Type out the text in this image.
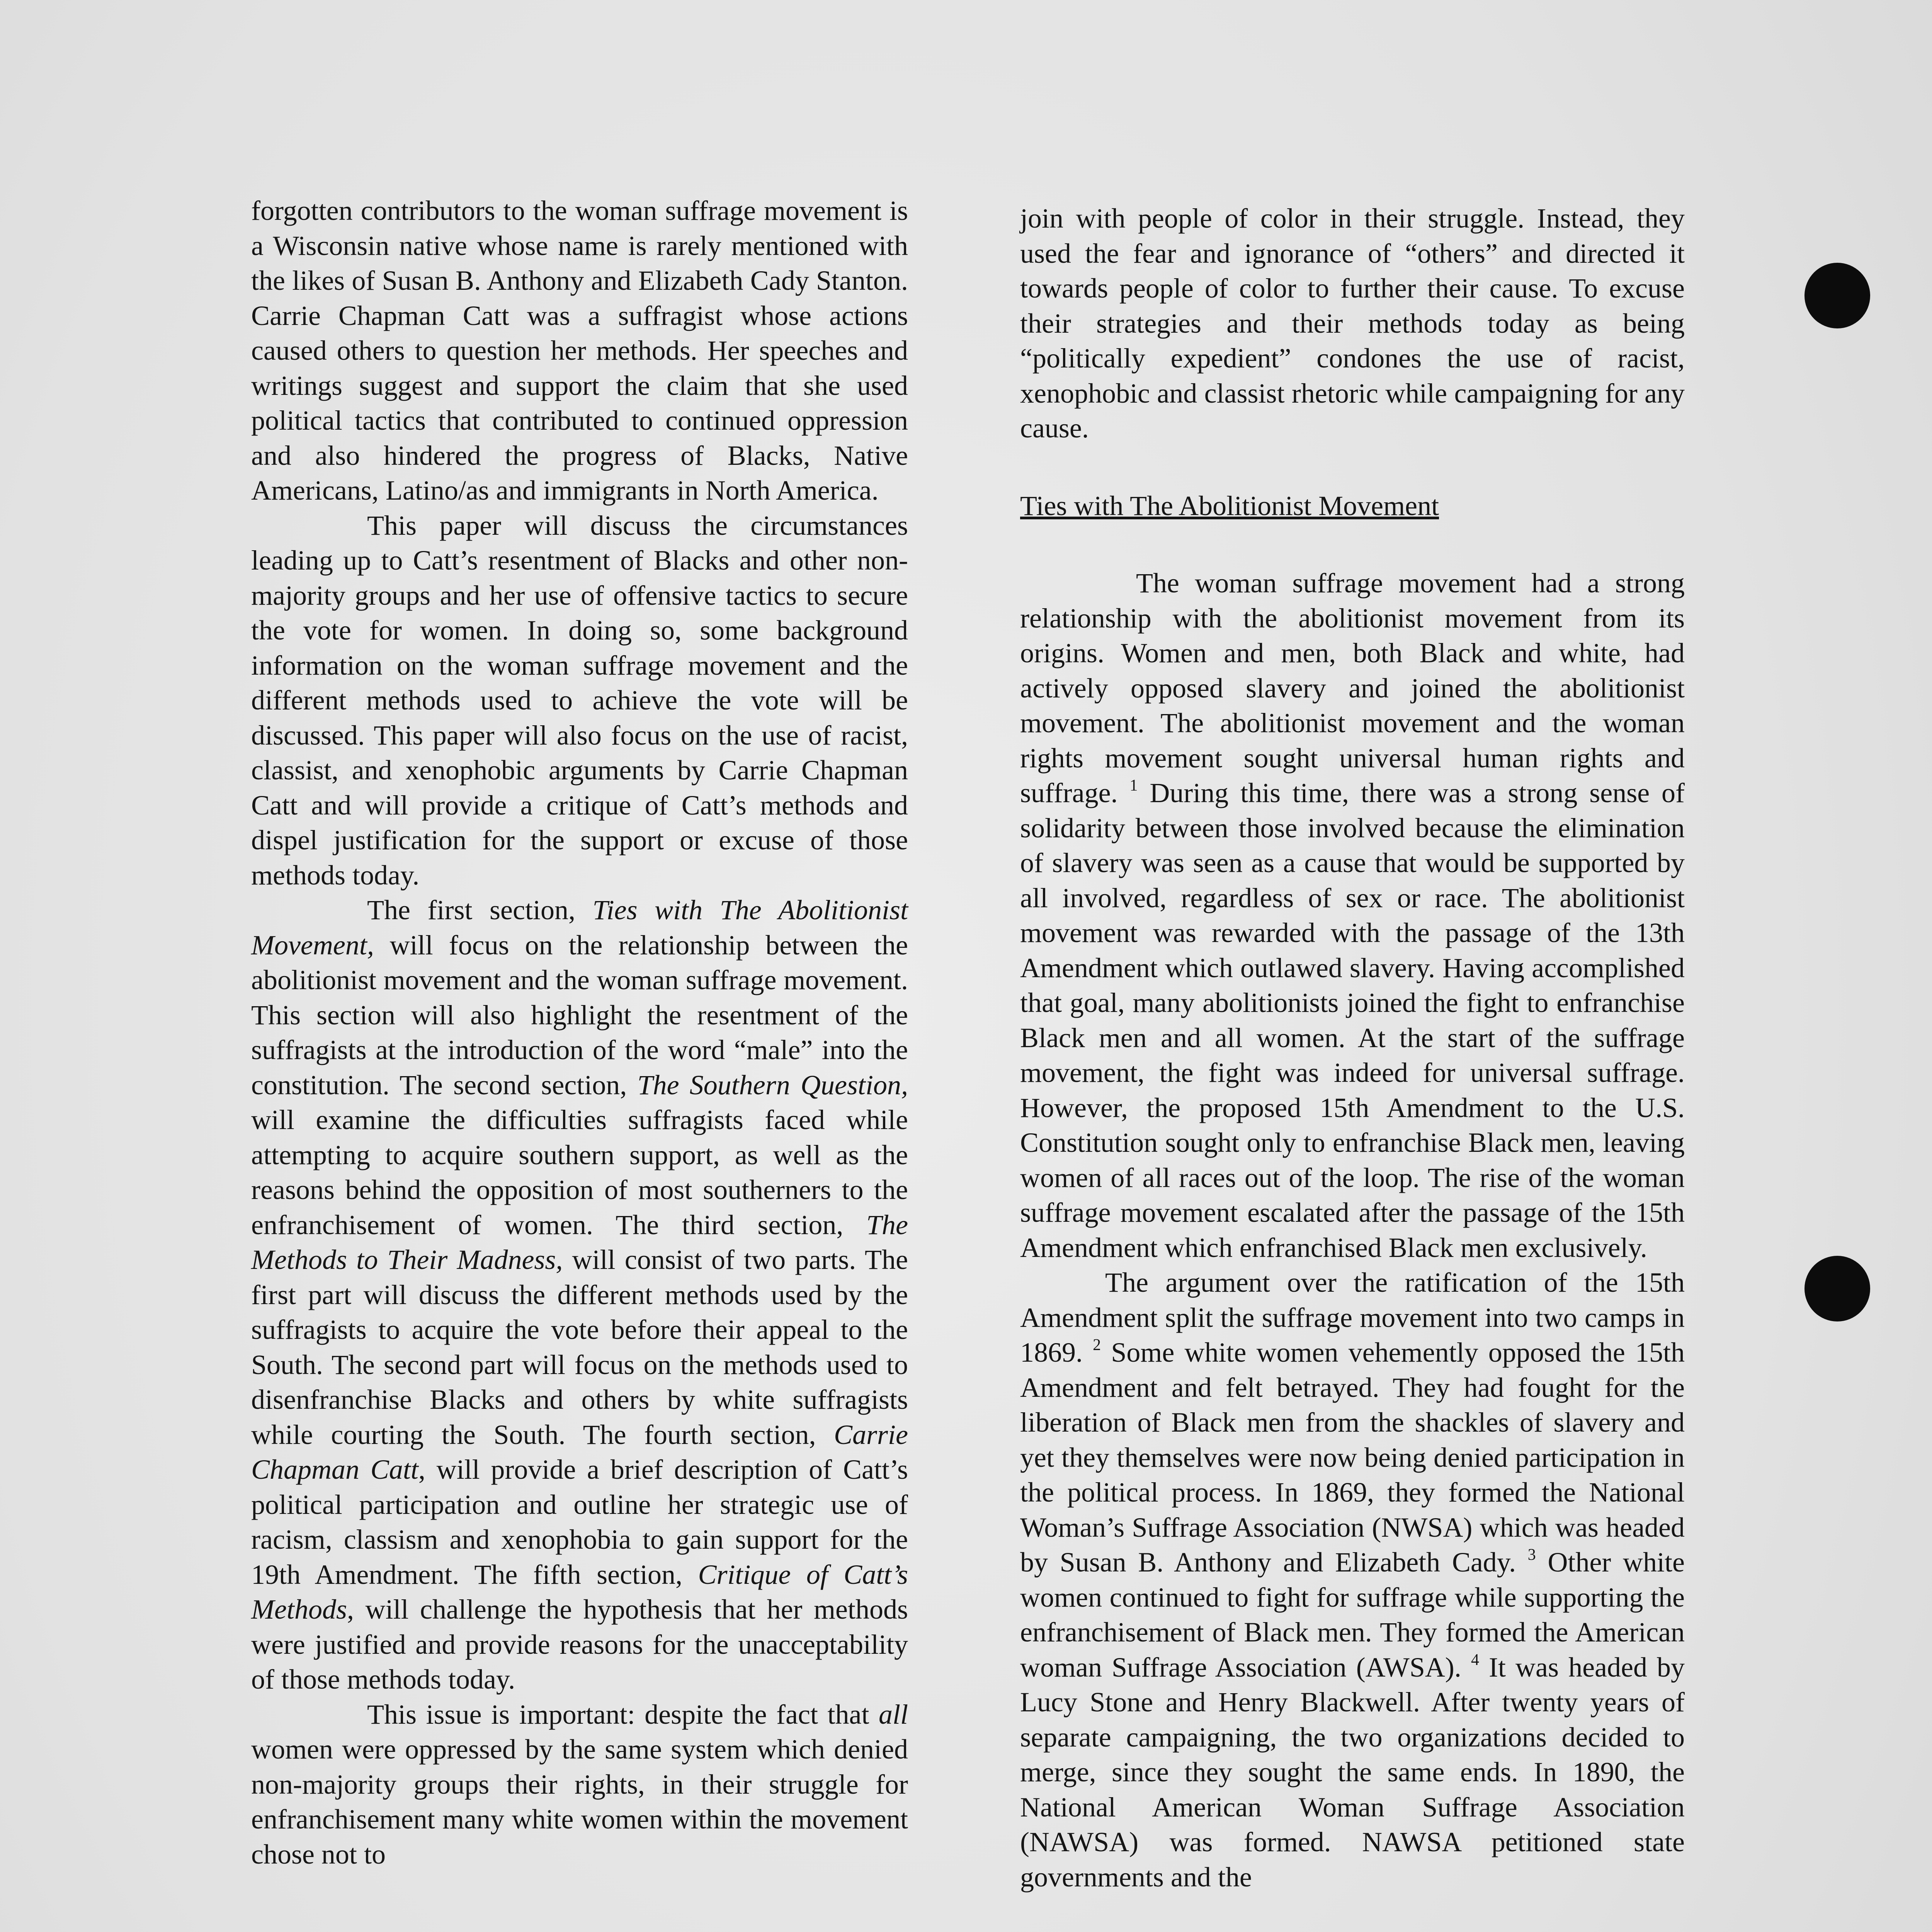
forgotten contributors to the woman suffrage movement is a Wisconsin native whose name is rarely mentioned with the likes of Susan B. Anthony and Elizabeth Cady Stanton. Carrie Chapman Catt was a suffragist whose actions caused others to question her methods. Her speeches and writings suggest and support the claim that she used political tactics that contributed to continued oppression and also hindered the progress of Blacks, Native Americans, Latino/as and immigrants in North America.

This paper will discuss the circumstances leading up to Catt’s resentment of Blacks and other non-majority groups and her use of offensive tactics to secure the vote for women. In doing so, some background information on the woman suffrage movement and the different methods used to achieve the vote will be discussed. This paper will also focus on the use of racist, classist, and xenophobic arguments by Carrie Chapman Catt and will provide a critique of Catt’s methods and dispel justification for the support or excuse of those methods today.

The first section, Ties with The Abolitionist Movement, will focus on the relationship between the abolitionist movement and the woman suffrage movement. This section will also highlight the resentment of the suffragists at the introduction of the word “male” into the constitution. The second section, The Southern Question, will examine the difficulties suffragists faced while attempting to acquire southern support, as well as the reasons behind the opposition of most southerners to the enfranchisement of women. The third section, The Methods to Their Madness, will consist of two parts. The first part will discuss the different methods used by the suffragists to acquire the vote before their appeal to the South. The second part will focus on the methods used to disenfranchise Blacks and others by white suffragists while courting the South. The fourth section, Carrie Chapman Catt, will provide a brief description of Catt’s political participation and outline her strategic use of racism, classism and xenophobia to gain support for the 19th Amendment. The fifth section, Critique of Catt’s Methods, will challenge the hypothesis that her methods were justified and provide reasons for the unacceptability of those methods today.

This issue is important: despite the fact that all women were oppressed by the same system which denied non-majority groups their rights, in their struggle for enfranchisement many white women within the movement chose not to

join with people of color in their struggle. Instead, they used the fear and ignorance of “others” and directed it towards people of color to further their cause. To excuse their strategies and their methods today as being “politically expedient” condones the use of racist, xenophobic and classist rhetoric while campaigning for any cause.

Ties with The Abolitionist Movement

The woman suffrage movement had a strong relationship with the abolitionist movement from its origins. Women and men, both Black and white, had actively opposed slavery and joined the abolitionist movement. The abolitionist movement and the woman rights movement sought universal human rights and suffrage. $^1$ During this time, there was a strong sense of solidarity between those involved because the elimination of slavery was seen as a cause that would be supported by all involved, regardless of sex or race. The abolitionist movement was rewarded with the passage of the 13th Amendment which outlawed slavery. Having accomplished that goal, many abolitionists joined the fight to enfranchise Black men and all women. At the start of the suffrage movement, the fight was indeed for universal suffrage. However, the proposed 15th Amendment to the U.S. Constitution sought only to enfranchise Black men, leaving women of all races out of the loop. The rise of the woman suffrage movement escalated after the passage of the 15th Amendment which enfranchised Black men exclusively.

The argument over the ratification of the 15th Amendment split the suffrage movement into two camps in 1869. $^2$ Some white women vehemently opposed the 15th Amendment and felt betrayed. They had fought for the liberation of Black men from the shackles of slavery and yet they themselves were now being denied participation in the political process. In 1869, they formed the National Woman’s Suffrage Association (NWSA) which was headed by Susan B. Anthony and Elizabeth Cady. $^3$ Other white women continued to fight for suffrage while supporting the enfranchisement of Black men. They formed the American woman Suffrage Association (AWSA). $^4$ It was headed by Lucy Stone and Henry Blackwell. After twenty years of separate campaigning, the two organizations decided to merge, since they sought the same ends. In 1890, the National American Woman Suffrage Association (NAWSA) was formed. NAWSA petitioned state governments and the
